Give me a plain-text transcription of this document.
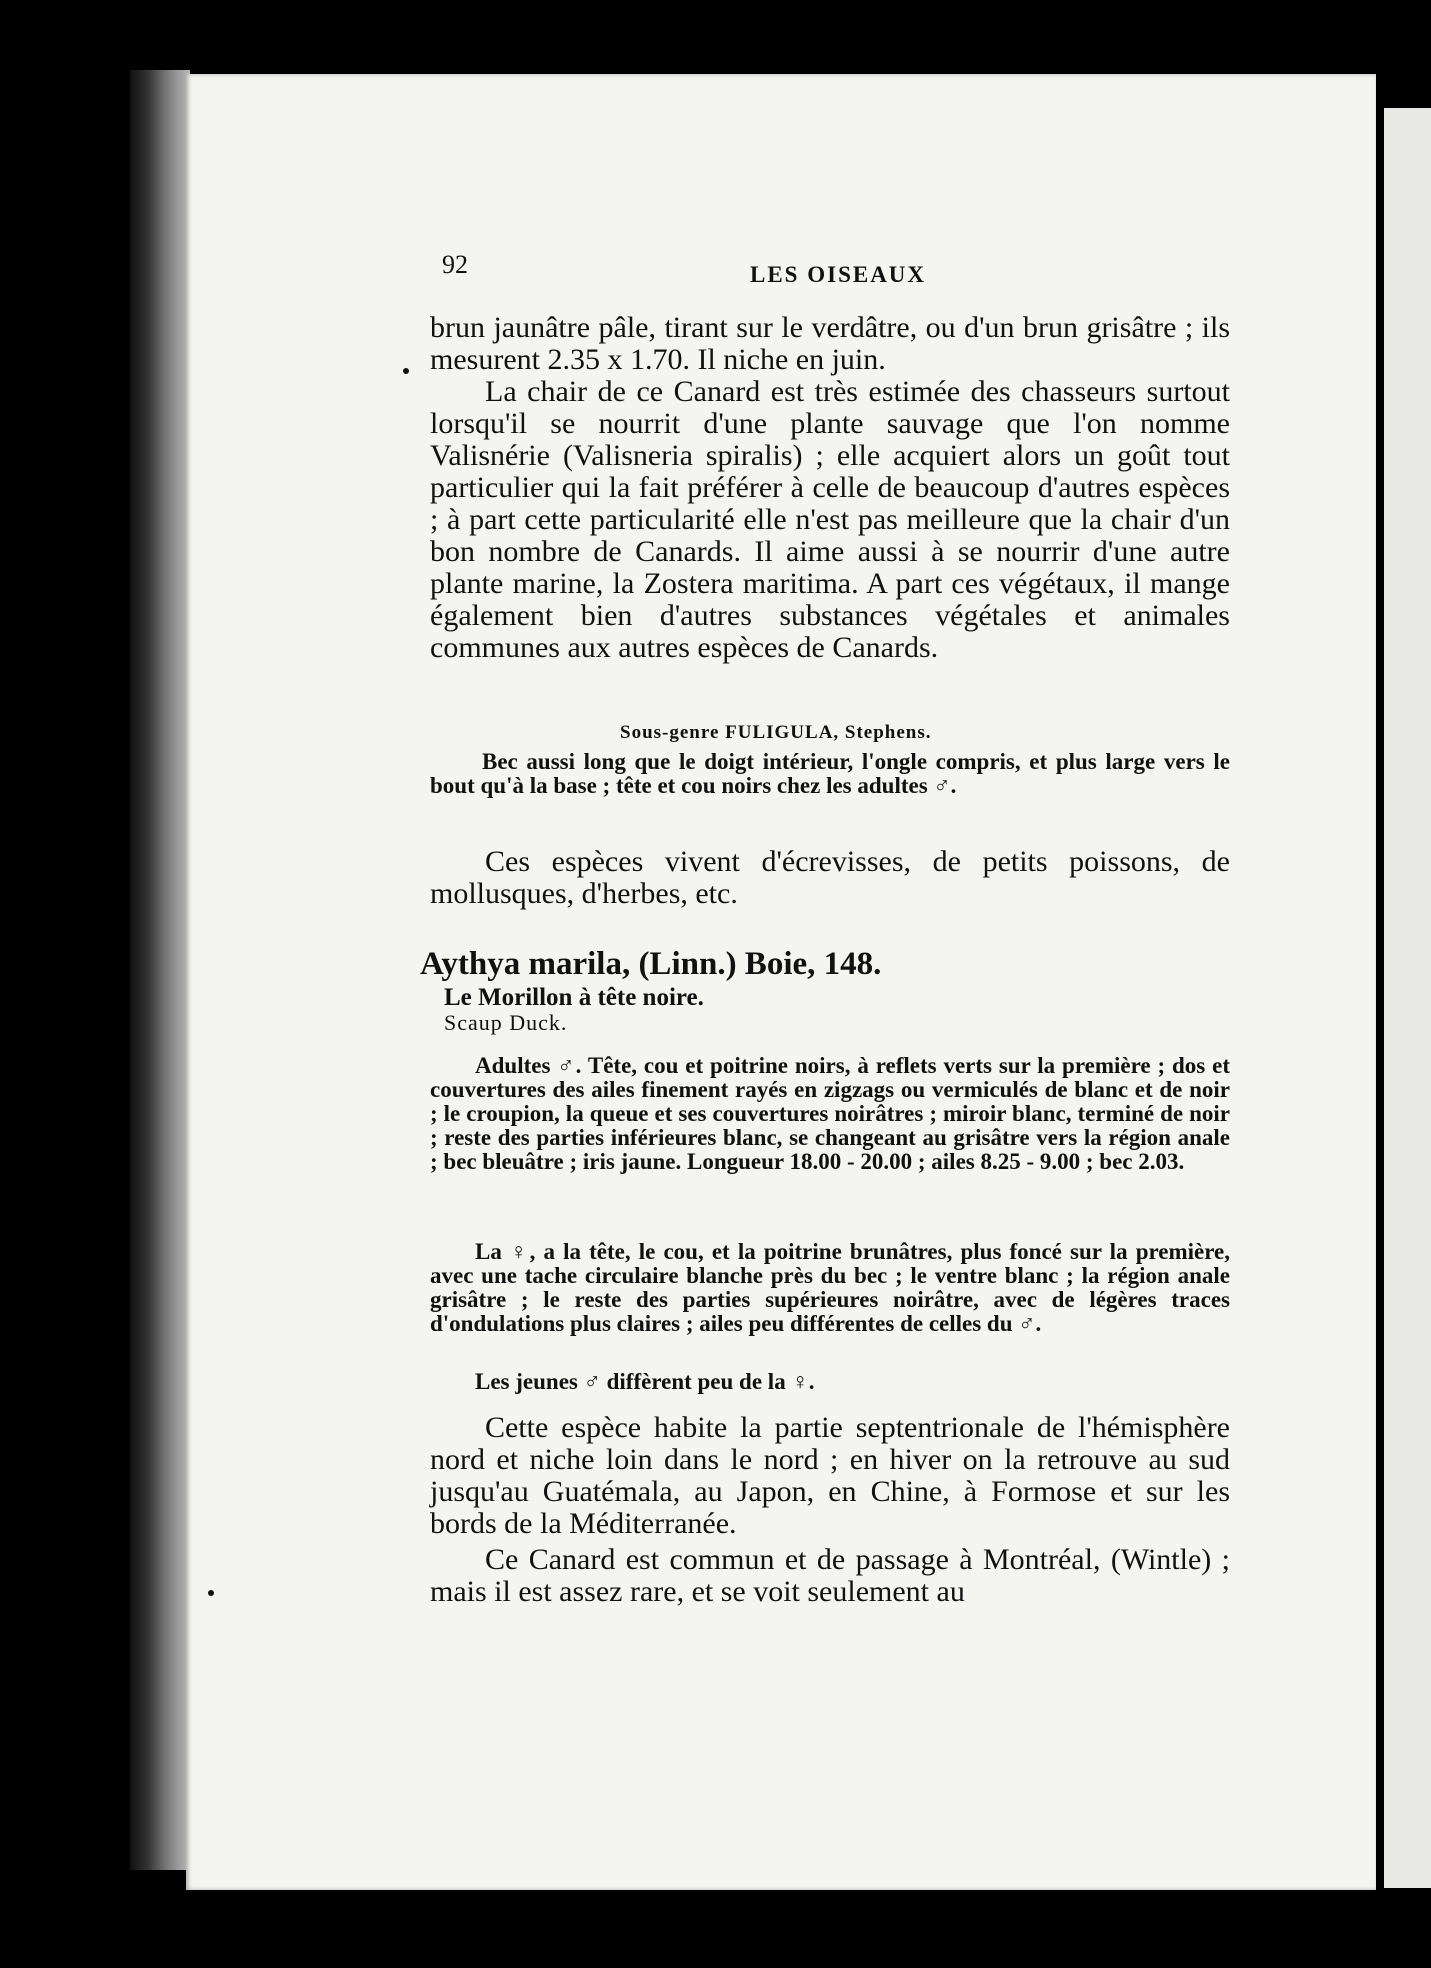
92	LES OISEAUX
brun jaunâtre pâle, tirant sur le verdâtre, ou d'un brun grisâtre ; ils mesurent 2.35 x 1.70. Il niche en juin.
La chair de ce Canard est très estimée des chasseurs surtout lorsqu'il se nourrit d'une plante sauvage que l'on nomme Valisnérie (Valisneria spiralis) ; elle acquiert alors un goût tout particulier qui la fait préférer à celle de beaucoup d'autres espèces ; à part cette particularité elle n'est pas meilleure que la chair d'un bon nombre de Canards. Il aime aussi à se nourrir d'une autre plante marine, la Zostera maritima. A part ces végétaux, il mange également bien d'autres substances végétales et animales communes aux autres espèces de Canards.
Sous-genre FULIGULA, Stephens.
Bec aussi long que le doigt intérieur, l'ongle compris, et plus large vers le bout qu'à la base ; tête et cou noirs chez les adultes ♂.
Ces espèces vivent d'écrevisses, de petits poissons, de mollusques, d'herbes, etc.
Aythya marila, (Linn.) Boie, 148.
Le Morillon à tête noire.
Scaup Duck.
Adultes ♂. Tête, cou et poitrine noirs, à reflets verts sur la première ; dos et couvertures des ailes finement rayés en zigzags ou vermiculés de blanc et de noir ; le croupion, la queue et ses couvertures noirâtres ; miroir blanc, terminé de noir ; reste des parties inférieures blanc, se changeant au grisâtre vers la région anale ; bec bleuâtre ; iris jaune. Longueur 18.00 - 20.00 ; ailes 8.25 - 9.00 ; bec 2.03.
La ♀, a la tête, le cou, et la poitrine brunâtres, plus foncé sur la première, avec une tache circulaire blanche près du bec ; le ventre blanc ; la région anale grisâtre ; le reste des parties supérieures noirâtre, avec de légères traces d'ondulations plus claires ; ailes peu différentes de celles du ♂.
Les jeunes ♂ diffèrent peu de la ♀.
Cette espèce habite la partie septentrionale de l'hémisphère nord et niche loin dans le nord ; en hiver on la retrouve au sud jusqu'au Guatémala, au Japon, en Chine, à Formose et sur les bords de la Méditerranée.
Ce Canard est commun et de passage à Montréal, (Wintle) ; mais il est assez rare, et se voit seulement au
